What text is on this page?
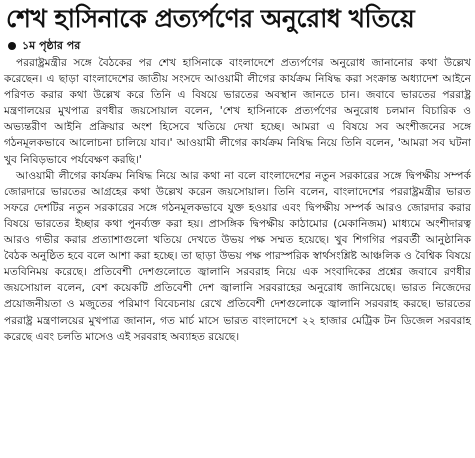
শেখ হাসিনাকে প্রত্যর্পণের অনুরোধ খতিয়ে
১ম পৃষ্ঠার পর

পররাষ্ট্রমন্ত্রীর সঙ্গে বৈঠকের পর শেখ হাসিনাকে বাংলাদেশে প্রত্যর্পণের অনুরোধ জানানোর কথা উল্লেখ করেছেন। এ ছাড়া বাংলাদেশের জাতীয় সংসদে আওয়ামী লীগের কার্যক্রম নিষিদ্ধ করা সংক্রান্ত অধ্যাদেশ আইনে পরিণত করার কথা উল্লেখ করে তিনি এ বিষয়ে ভারতের অবস্থান জানতে চান। জবাবে ভারতের পররাষ্ট্র মন্ত্রণালয়ের মুখপাত্র রণধীর জয়সোয়াল বলেন, 'শেখ হাসিনাকে প্রত্যর্পণের অনুরোধ চলমান বিচারিক ও অভ্যন্তরীণ আইনি প্রক্রিয়ার অংশ হিসেবে খতিয়ে দেখা হচ্ছে। আমরা এ বিষয়ে সব অংশীজনের সঙ্গে গঠনমূলকভাবে আলোচনা চালিয়ে যাব।' আওয়ামী লীগের কার্যক্রম নিষিদ্ধ নিয়ে তিনি বলেন, 'আমরা সব ঘটনা খুব নিবিড়ভাবে পর্যবেক্ষণ করছি।'

আওয়ামী লীগের কার্যক্রম নিষিদ্ধ নিয়ে আর কথা না বলে বাংলাদেশের নতুন সরকারের সঙ্গে দ্বিপক্ষীয় সম্পর্ক জোরদারে ভারতের আগ্রহের কথা উল্লেখ করেন জয়সোয়াল। তিনি বলেন, বাংলাদেশের পররাষ্ট্রমন্ত্রীর ভারত সফরে দেশটির নতুন সরকারের সঙ্গে গঠনমূলকভাবে যুক্ত হওয়ার এবং দ্বিপক্ষীয় সম্পর্ক আরও জোরদার করার বিষয়ে ভারতের ইচ্ছার কথা পুনর্ব্যক্ত করা হয়। প্রাসঙ্গিক দ্বিপক্ষীয় কাঠামোর (মেকানিজম) মাধ্যমে অংশীদারত্ব আরও গভীর করার প্রত্যাশাগুলো খতিয়ে দেখতে উভয় পক্ষ সম্মত হয়েছে। খুব শিগগির পরবর্তী আনুষ্ঠানিক বৈঠক অনুষ্ঠিত হবে বলে আশা করা হচ্ছে। তা ছাড়া উভয় পক্ষ পারস্পরিক স্বার্থসংশ্লিষ্ট আঞ্চলিক ও বৈশ্বিক বিষয়ে মতবিনিময় করেছে। প্রতিবেশী দেশগুলোতে জ্বালানি সরবরাহ নিয়ে এক সংবাদিকের প্রশ্নের জবাবে রণধীর জয়সোয়াল বলেন, বেশ কয়েকটি প্রতিবেশী দেশ জ্বালানি সরবরাহের অনুরোধ জানিয়েছে। ভারত নিজেদের প্রয়োজনীয়তা ও মজুতের পরিমাণ বিবেচনায় রেখে প্রতিবেশী দেশগুলোকে জ্বালানি সরবরাহ করছে। ভারতের পররাষ্ট্র মন্ত্রণালয়ের মুখপাত্র জানান, গত মার্চ মাসে ভারত বাংলাদেশে ২২ হাজার মেট্রিক টন ডিজেল সরবরাহ করেছে এবং চলতি মাসেও এই সরবরাহ অব্যাহত রয়েছে।
